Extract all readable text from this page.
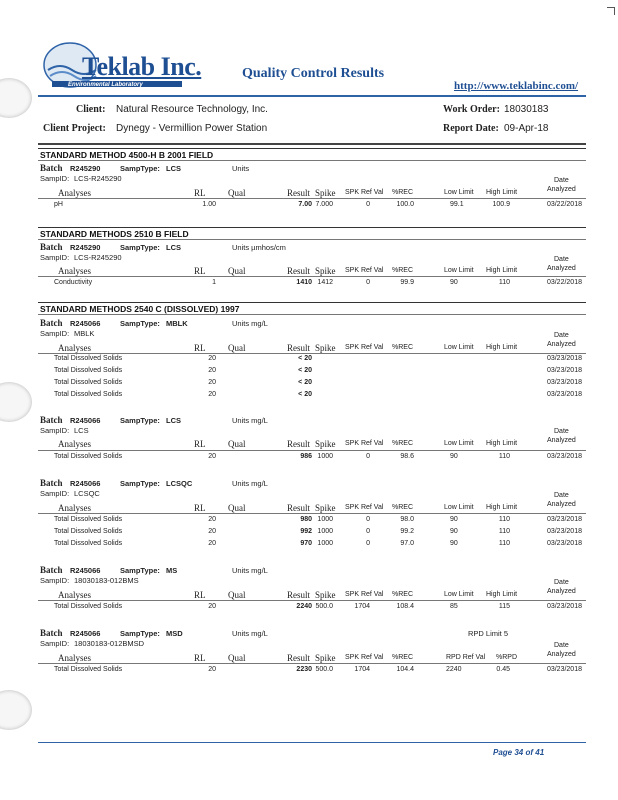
Teklab Inc.
Environmental Laboratory
Quality Control Results
http://www.teklabinc.com/
Client: Natural Resource Technology, Inc.
Client Project: Dynegy - Vermillion Power Station
Work Order: 18030183
Report Date: 09-Apr-18
STANDARD METHOD 4500-H B 2001 FIELD
Batch R245290	SampType: LCS	Units
SampID: LCS-R245290
Analyses	RL Qual	Result Spike SPK Ref Val %REC	Low Limit High Limit
Date
Analyzed
pH	1.00	7.00 7.000	0	100.0	99.1	100.9	03/22/2018
STANDARD METHODS 2510 B FIELD
Batch R245290	SampType: LCS	Units µmhos/cm
SampID: LCS-R245290
Analyses	RL Qual	Result Spike SPK Ref Val %REC	Low Limit High Limit
Date
Analyzed
Conductivity	1	1410 1412	0	99.9	90	110	03/22/2018
STANDARD METHODS 2540 C (DISSOLVED) 1997
Batch R245066	SampType: MBLK	Units mg/L
SampID: MBLK
Analyses	RL Qual	Result Spike SPK Ref Val %REC	Low Limit High Limit
Date
Analyzed
Total Dissolved Solids	20	< 20	03/23/2018
Total Dissolved Solids	20	< 20	03/23/2018
Total Dissolved Solids	20	< 20	03/23/2018
Total Dissolved Solids	20	< 20	03/23/2018
Batch R245066	SampType: LCS	Units mg/L
SampID: LCS
Analyses	RL Qual	Result Spike SPK Ref Val %REC	Low Limit High Limit
Date
Analyzed
Total Dissolved Solids	20	986 1000	0	98.6	90	110	03/23/2018
Batch R245066	SampType: LCSQC	Units mg/L
SampID: LCSQC
Analyses	RL Qual	Result Spike SPK Ref Val %REC	Low Limit High Limit
Date
Analyzed
Total Dissolved Solids	20	980 1000	0	98.0	90	110	03/23/2018
Total Dissolved Solids	20	992 1000	0	99.2	90	110	03/23/2018
Total Dissolved Solids	20	970 1000	0	97.0	90	110	03/23/2018
Batch R245066	SampType: MS	Units mg/L
SampID: 18030183-012BMS
Analyses	RL Qual	Result Spike SPK Ref Val %REC	Low Limit High Limit
Date
Analyzed
Total Dissolved Solids	20	2240 500.0	1704	108.4	85	115	03/23/2018
Batch R245066	SampType: MSD	Units mg/L	RPD Limit 5
SampID: 18030183-012BMSD
Analyses	RL Qual	Result Spike SPK Ref Val %REC	RPD Ref Val %RPD
Date
Analyzed
Total Dissolved Solids	20	2230 500.0	1704	104.4	2240	0.45	03/23/2018
Page 34 of 41
